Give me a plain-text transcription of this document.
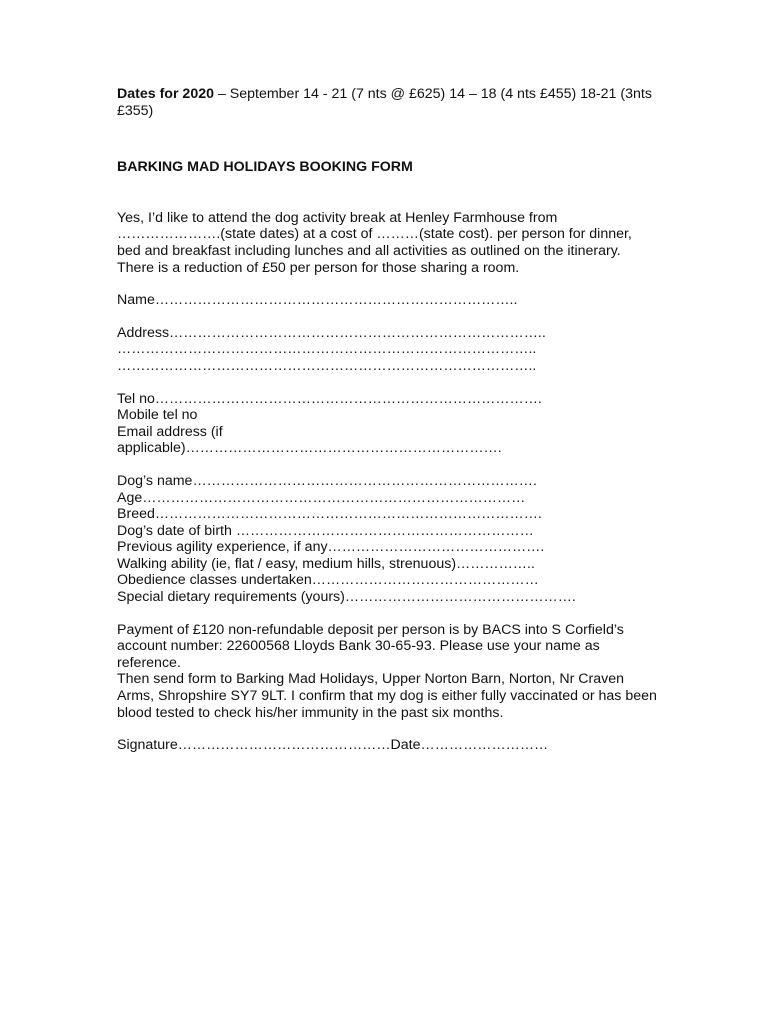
Dates for 2020 – September 14 - 21 (7 nts @ £625) 14 – 18 (4 nts £455) 18-21 (3nts £355)

BARKING MAD HOLIDAYS BOOKING FORM

Yes, I’d like to attend the dog activity break at Henley Farmhouse from ………………….(state dates) at a cost of ………(state cost). per person for dinner, bed and breakfast including lunches and all activities as outlined on the itinerary. There is a reduction of £50 per person for those sharing a room.

Name…………………………………………………………………..

Address……………………………………………………………………..

……………………………………………………………………………..

……………………………………………………………………………..

Tel no……………………………………………………………………….

Mobile tel no

Email address (if

applicable)………………………………………………………….

Dog’s name……………………………………………………………….

Age………………………………………………………………………

Breed……………………………………………………………………….

Dog’s date of birth ………………………………………………………

Previous agility experience, if any……………………………………….

Walking ability (ie, flat / easy, medium hills, strenuous)……………..

Obedience classes undertaken…………………………………………

Special dietary requirements (yours)………………………………………….

Payment of £120 non-refundable deposit per person is by BACS into S Corfield’s account number: 22600568 Lloyds Bank 30-65-93. Please use your name as reference.

Then send form to Barking Mad Holidays, Upper Norton Barn, Norton, Nr Craven Arms, Shropshire SY7 9LT. I confirm that my dog is either fully vaccinated or has been blood tested to check his/her immunity in the past six months.

Signature………………………………………Date………………………
